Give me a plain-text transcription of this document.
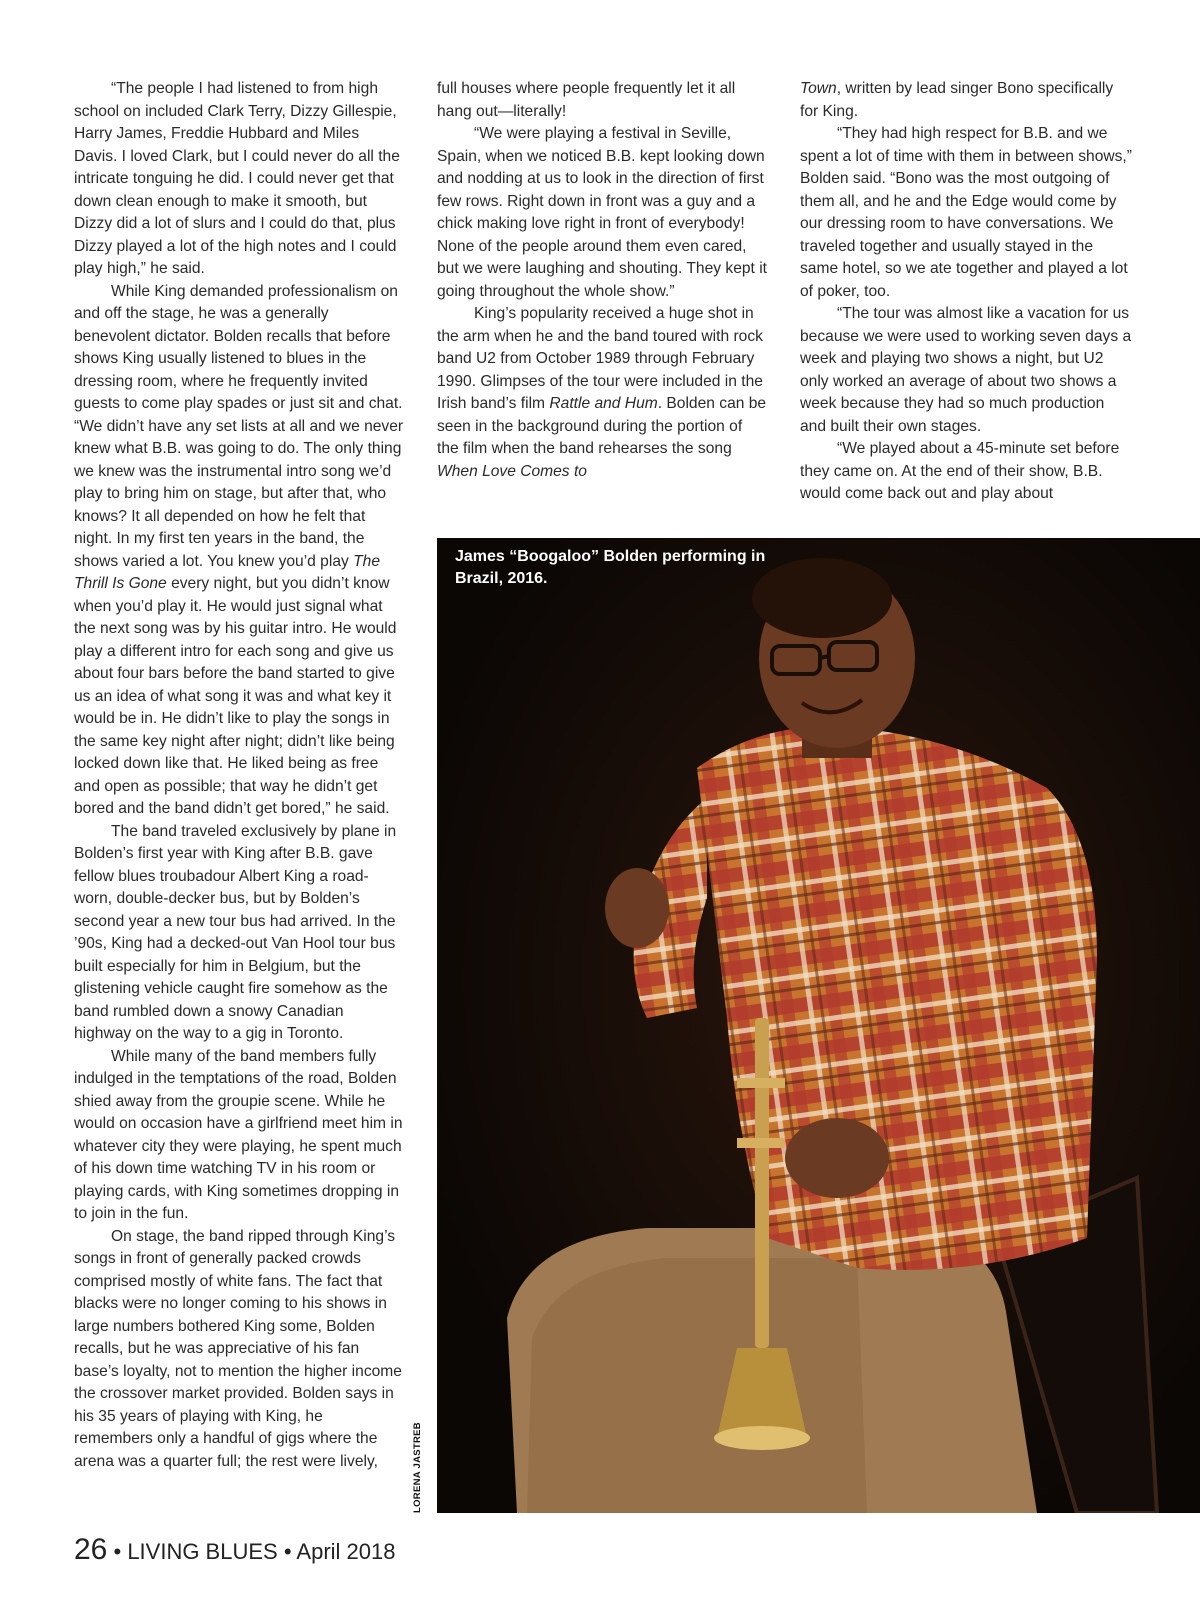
“The people I had listened to from high school on included Clark Terry, Dizzy Gillespie, Harry James, Freddie Hubbard and Miles Davis. I loved Clark, but I could never do all the intricate tonguing he did. I could never get that down clean enough to make it smooth, but Dizzy did a lot of slurs and I could do that, plus Dizzy played a lot of the high notes and I could play high,” he said.

While King demanded professionalism on and off the stage, he was a generally benevolent dictator. Bolden recalls that before shows King usually listened to blues in the dressing room, where he frequently invited guests to come play spades or just sit and chat. “We didn’t have any set lists at all and we never knew what B.B. was going to do. The only thing we knew was the instrumental intro song we’d play to bring him on stage, but after that, who knows? It all depended on how he felt that night. In my first ten years in the band, the shows varied a lot. You knew you’d play The Thrill Is Gone every night, but you didn’t know when you’d play it. He would just signal what the next song was by his guitar intro. He would play a different intro for each song and give us about four bars before the band started to give us an idea of what song it was and what key it would be in. He didn’t like to play the songs in the same key night after night; didn’t like being locked down like that. He liked being as free and open as possible; that way he didn’t get bored and the band didn’t get bored,” he said.

The band traveled exclusively by plane in Bolden’s first year with King after B.B. gave fellow blues troubadour Albert King a road-worn, double-decker bus, but by Bolden’s second year a new tour bus had arrived. In the ’90s, King had a decked-out Van Hool tour bus built especially for him in Belgium, but the glistening vehicle caught fire somehow as the band rumbled down a snowy Canadian highway on the way to a gig in Toronto.

While many of the band members fully indulged in the temptations of the road, Bolden shied away from the groupie scene. While he would on occasion have a girlfriend meet him in whatever city they were playing, he spent much of his down time watching TV in his room or playing cards, with King sometimes dropping in to join in the fun.

On stage, the band ripped through King’s songs in front of generally packed crowds comprised mostly of white fans. The fact that blacks were no longer coming to his shows in large numbers bothered King some, Bolden recalls, but he was appreciative of his fan base’s loyalty, not to mention the higher income the crossover market provided. Bolden says in his 35 years of playing with King, he remembers only a handful of gigs where the arena was a quarter full; the rest were lively,

full houses where people frequently let it all hang out—literally!

“We were playing a festival in Seville, Spain, when we noticed B.B. kept looking down and nodding at us to look in the direction of first few rows. Right down in front was a guy and a chick making love right in front of everybody! None of the people around them even cared, but we were laughing and shouting. They kept it going throughout the whole show.”

King’s popularity received a huge shot in the arm when he and the band toured with rock band U2 from October 1989 through February 1990. Glimpses of the tour were included in the Irish band’s film Rattle and Hum. Bolden can be seen in the background during the portion of the film when the band rehearses the song When Love Comes to

Town, written by lead singer Bono specifically for King.

“They had high respect for B.B. and we spent a lot of time with them in between shows,” Bolden said. “Bono was the most outgoing of them all, and he and the Edge would come by our dressing room to have conversations. We traveled together and usually stayed in the same hotel, so we ate together and played a lot of poker, too.

“The tour was almost like a vacation for us because we were used to working seven days a week and playing two shows a night, but U2 only worked an average of about two shows a week because they had so much production and built their own stages.

“We played about a 45-minute set before they came on. At the end of their show, B.B. would come back out and play about

James “Boogaloo” Bolden performing in Brazil, 2016.
LORENA JASTREB
26 • LIVING BLUES • April 2018
